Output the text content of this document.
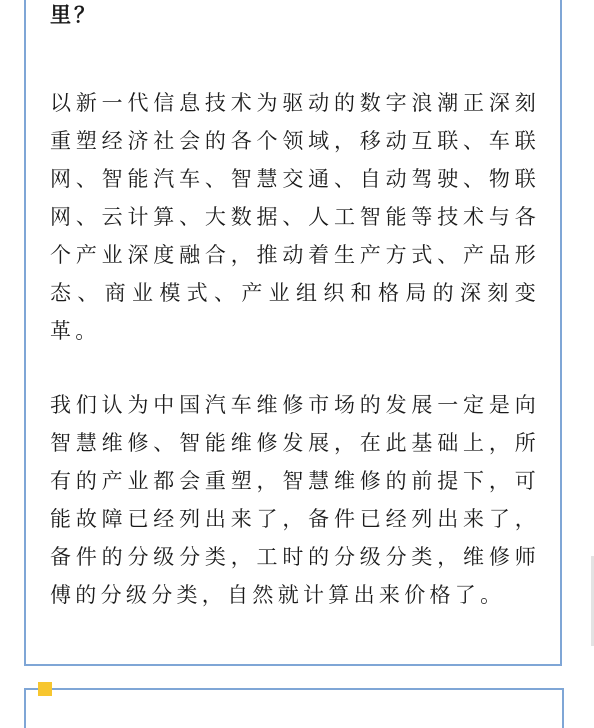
里？

以新一代信息技术为驱动的数字浪潮正深刻重塑经济社会的各个领域，移动互联、车联网、智能汽车、智慧交通、自动驾驶、物联网、云计算、大数据、人工智能等技术与各个产业深度融合，推动着生产方式、产品形态、商业模式、产业组织和格局的深刻变革。

我们认为中国汽车维修市场的发展一定是向智慧维修、智能维修发展，在此基础上，所有的产业都会重塑，智慧维修的前提下，可能故障已经列出来了，备件已经列出来了，备件的分级分类，工时的分级分类，维修师傅的分级分类，自然就计算出来价格了。
